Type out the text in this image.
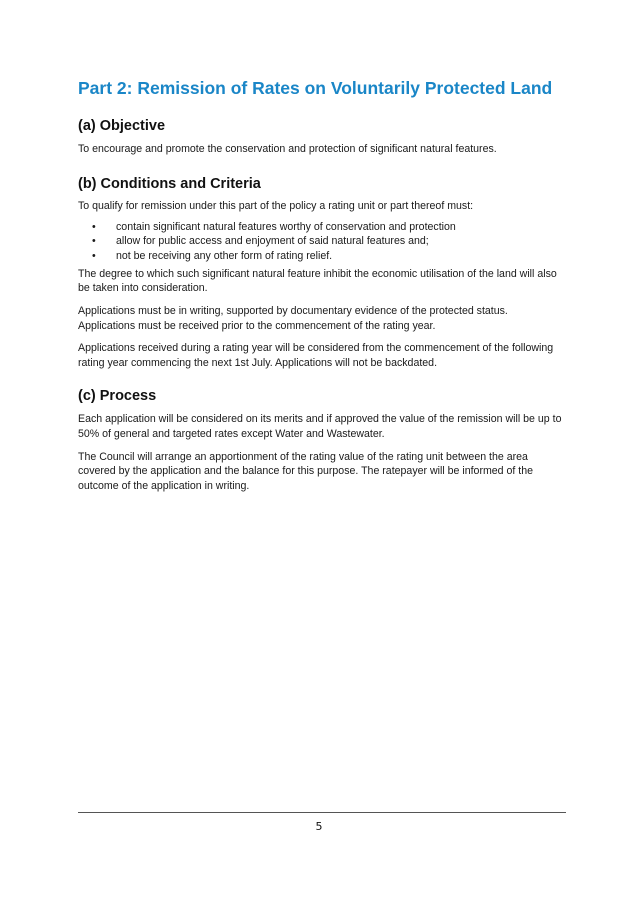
Part 2: Remission of Rates on Voluntarily Protected Land
(a) Objective

To encourage and promote the conservation and protection of significant natural features.

(b) Conditions and Criteria

To qualify for remission under this part of the policy a rating unit or part thereof must:

• contain significant natural features worthy of conservation and protection
• allow for public access and enjoyment of said natural features and;
• not be receiving any other form of rating relief.

The degree to which such significant natural feature inhibit the economic utilisation of the land will also be taken into consideration.

Applications must be in writing, supported by documentary evidence of the protected status.

Applications must be received prior to the commencement of the rating year.

Applications received during a rating year will be considered from the commencement of the following rating year commencing the next 1st July. Applications will not be backdated.

(c) Process

Each application will be considered on its merits and if approved the value of the remission will be up to 50% of general and targeted rates except Water and Wastewater.

The Council will arrange an apportionment of the rating value of the rating unit between the area covered by the application and the balance for this purpose. The ratepayer will be informed of the outcome of the application in writing.

5
